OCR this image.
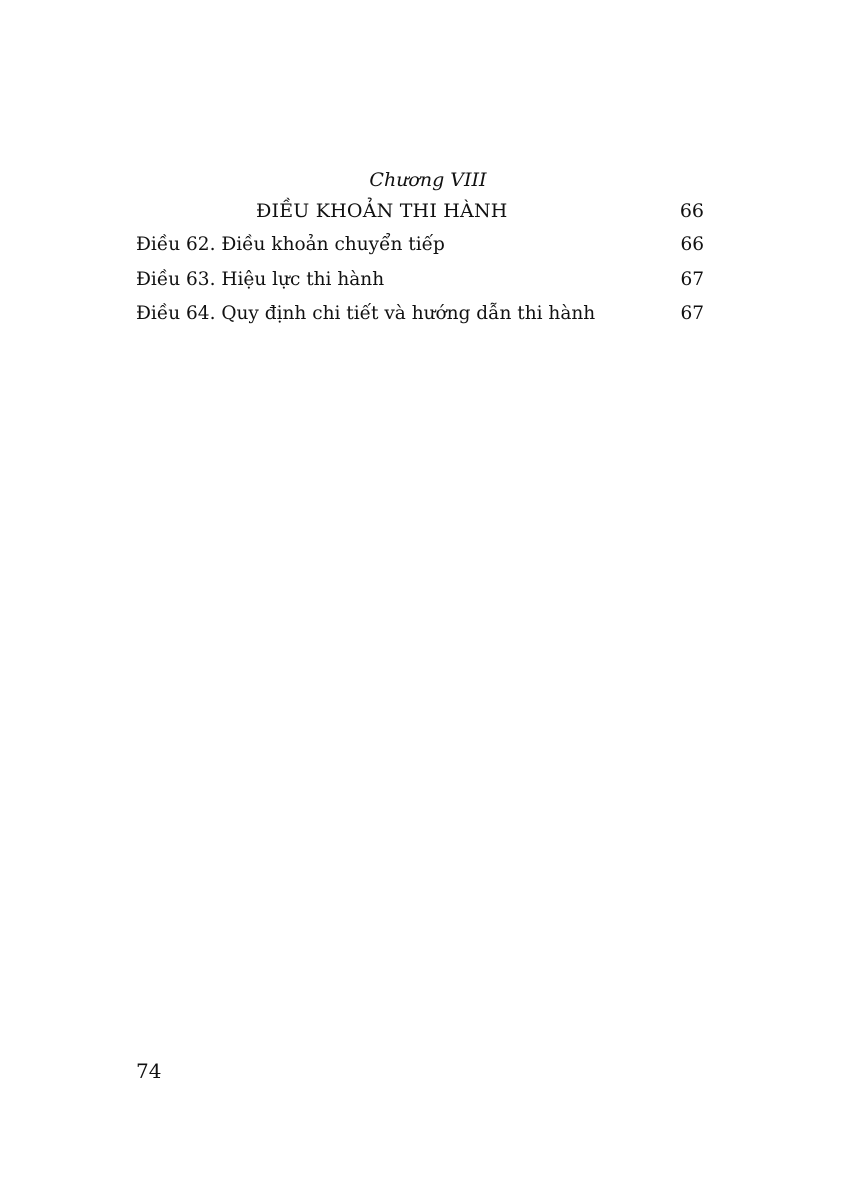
Chương VIII
ĐIỀU KHOẢN THI HÀNH	66
Điều 62. Điều khoản chuyển tiếp	66
Điều 63. Hiệu lực thi hành	67
Điều 64. Quy định chi tiết và hướng dẫn thi hành	67
74
